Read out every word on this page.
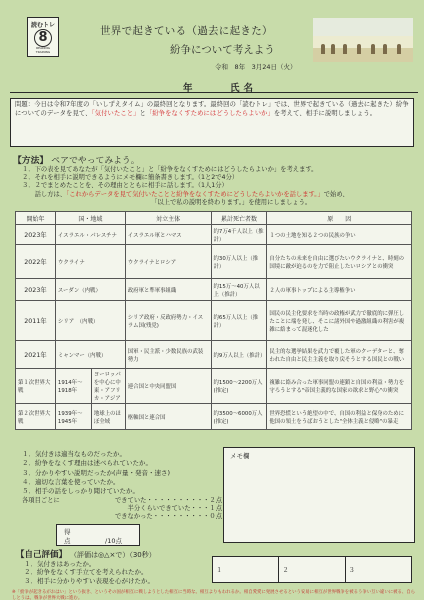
読むトレ
8
READING TRAINING
世界で起きている（過去に起きた）
紛争について考えよう
令和　8年　3月24日（火）
年	氏名
問題：今日は令和7年度の「いしずえタイム」の最終回となります。最終回の「読むトレ」では、世界で起きている（過去に起きた）紛争についてのデータを見て、「気付いたこと」と「紛争をなくすためにはどうしたらよいか」を考えて、相手に説明しましょう。
【方法】 ペアでやってみよう。
１．下の表を見てあなたが「気付いたこと」と「紛争をなくすためにはどうしたらよいか」を考えます。
２．それを相手に説明できるようにメモ欄に簡条書きします。（1と2で4分）
３．２でまとめたことを、その理由とともに相手に話します。（1人1分）
　　話し方は、「これからデータを見て気付いたことと紛争をなくすためにどうしたらよいかを話します。」で始め、
　　　　　　　　　　　　　　　　　　　　　「以上で私の説明を終わります。」を使用にしましょう。
開始年	国・地域		対立主体	累計死亡者数	原　　因
2023年	イスラエル・パレスチナ		イスラエル軍とハマス	約7万4千人以上（推計）	１つの土地を知る２つの民族の争い
2022年	ウクライナ		ウクライナとロシア	約30万人以上（推計）	自分たちの未来を自由に選びたいウクライナと、時刻の国境に敵が迫るのを力で阻止したいロシアとの衝突
2023年	スーダン（内戦）		政府軍と準軍事組織	約15万～40万人以上（推計）	２人の軍事トップによる主導権争い
2011年	シリア　（内戦）		シリア政府・反政府勢力・イスラム国(残党)	約65万人以上（推計）	国民の民主化要求を当時の政権が武力で徹底的に弾圧したことに端を発し、そこに諸外国や過激組織の利害が複雑に絡まって混迷化した
2021年	ミャンマー（内戦）		国軍・民主派・少数民族の武装勢力	約9万人以上（推計）	民主的な選挙結果を武力で覆した軍のクーデターと、奪われた自由と民主主義を取り戻そうとする国民との戦い
第１次世界大戦	1914年～1918年	ヨーロッパを中心に中東・アフリカ・アジア	連合国と中央同盟国	約1500～2200万人(推定)	複雑に絡み合った軍事同盟の連鎖と自国の利益・勢力を守ろうとする"帝国主義的な国家の欲求と野心"の衝突
第２次世界大戦	1939年～1945年	地球上のほぼ全域	枢軸国と連合国	約3500～6000万人(推定)	世界恐慌という絶望の中で、自国の利益と保身のために他国の領土をうばおうとした"全体主義と侵略"の暴走
１．気付きは適当なものだったか。
２．紛争をなくす理由は述べられていたか。
３．分かりやすい説明だったか(声量・発音・速さ)
４．適切な言葉を使っていたか。
５．相手の話をしっかり聞けていたか。
各項目ごとに	できていた・・・・・・・・・・２点
半分くらいできていた・・・１点
できなかった・・・・・・・・・０点
得
点	/10点
メモ欄
【自己評価】 （評価は◎△×で）（30秒）
１．気付きはあったか。
２．紛争をなくす手立てを考えられたか。
３．相手に分かりやすい表現を心がけたか。
１	２	３
※「紛争が起きるがおはい」という抜き、というその国が相互に戦しようとした相互に当時な。相互よりもわれるか。相自愛愛に発展させるという安易に相互が世界戦争を被るう争い互い違いに被る、自らしとうは。戦争が世界大戦に進む。
